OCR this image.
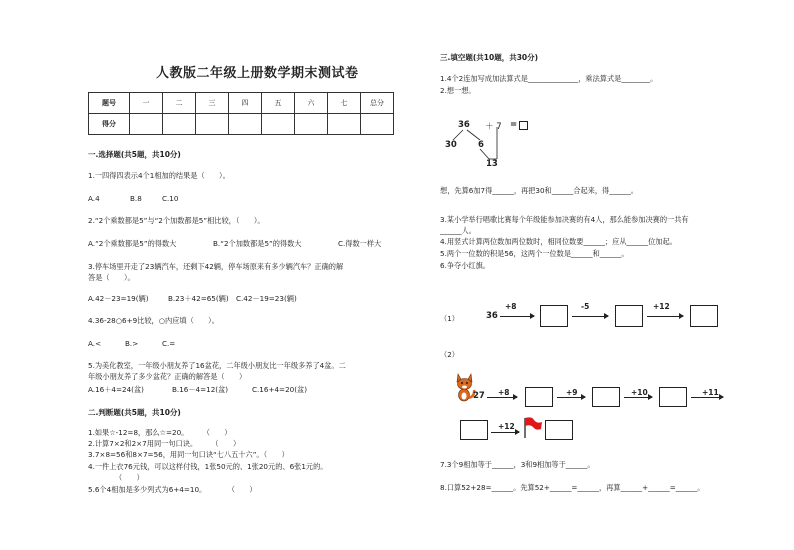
人教版二年级上册数学期末测试卷
题号	一	二	三	四	五	六	七	总分
得分								
一.选择题(共5题，共10分)
1.一四得四表示4个1相加的结果是（　　）。
A.4	B.8	C.10
2.“2个乘数都是5”与“2个加数都是5”相比较，（　　）。
A.“2个乘数都是5”的得数大	B.“2个加数都是5”的得数大	C.得数一样大
3.停车场里开走了23辆汽车，还剩下42辆，停车场原来有多少辆汽车？正确的解
答是（　　）。
A.42－23=19(辆)	B.23＋42=65(辆) C.42－19=23(辆)
4.36-28○6+9比较，○内应填（　　）。
A.<	B.>	C.=
5.为美化教室，一年级小朋友养了16盆花，二年级小朋友比一年级多养了4盆。二
年级小朋友养了多少盆花？正确的解答是（　　）
A.16＋4=24(盆)	B.16－4=12(盆)	C.16+4=20(盆)
二.判断题(共5题，共10分)
1.如果☆-12=8，那么☆=20。　　　（　　）
2.计算7×2和2×7用同一句口诀。　　　（　　）
3.7×8=56和8×7=56，用同一句口诀“七八五十六”。（　　）
4.一件上衣76元钱，可以这样付钱，1张50元的、1张20元的、6张1元的。
（　　）
5.6个4相加是多少列式为6+4=10。　　　　（　　）
三.填空题(共10题，共30分)
1.4个2连加写成加法算式是______________，乘法算式是________。
2.想一想。
36 ＋ 7 =
30 6
13
想，先算6加7得______，再把30和______合起来，得______。
3.某小学举行唱歌比赛每个年级能参加决赛的有4人，那么能参加决赛的一共有
______人。
4.用竖式计算两位数加两位数时，相同位数要______；应从______位加起。
5.两个一位数的积是56，这两个一位数是______和______。
6.争夺小红旗。
（1）	36
+8	-5	+12
（2）
27 +8	+9	+10	+11
+12
7.3个9相加等于______，3和9相加等于______。
8.口算52+28=______。先算52+______=______，再算______+______=______。
